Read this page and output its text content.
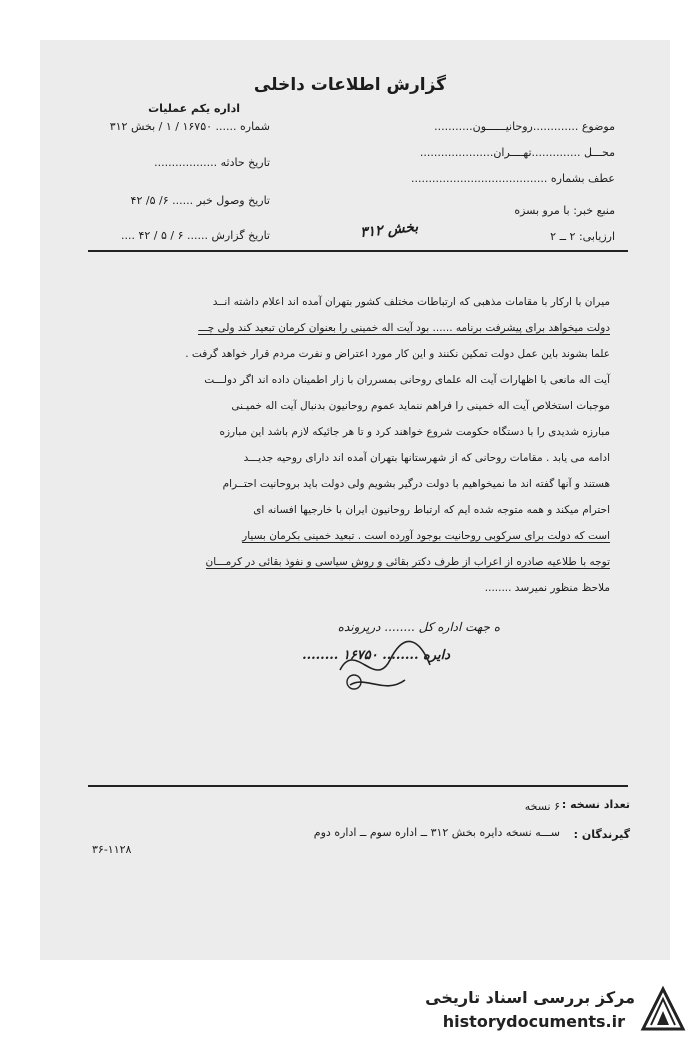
گزارش اطلاعات داخلی
اداره یکم عملیات
شماره ...... ۱۶۷۵۰ / ۱ / بخش ۳۱۲
تاریخ حادثه ..................
تاریخ وصول خبر ...... ۶/ ۵/ ۴۲
تاریخ گزارش ...... ۶ / ۵ / ۴۲ ....
موضوع .............روحانیــــــون...........
محـــل ..............تهــــران.....................
عطف بشماره .......................................
منبع خبر: با مرو بسزه
ارزیابی: ۲ ــ ۲
بخش ۳۱۲
میران با ارکار با مقامات مذهبی که ارتباطات مختلف کشور بتهران آمده اند اعلام داشته انــد
دولت میخواهد برای پیشرفت برنامه ...... بود آیت اله خمینی را بعنوان کرمان تبعید کند ولی چـــ
علما بشوند باین عمل دولت تمکین نکنند و این کار مورد اعتراض و نفرت مردم قرار خواهد گرفت .
آیت اله مانعی با اظهارات آیت اله علمای روحانی بمسرران با زار اطمینان داده اند اگر دولـــت
موجبات استخلاص آیت اله خمینی را فراهم ننماید عموم روحانیون بدنبال آیت اله خمیـنی
مبارزه شدیدی را با دستگاه حکومت شروع خواهند کرد و تا هر جائیکه لازم باشد این مبارزه
ادامه می یابد . مقامات روحانی که از شهرستانها بتهران آمده اند دارای روحیه جدیـــد
هستند و آنها گفته اند ما نمیخواهیم با دولت درگیر بشویم ولی دولت باید بروحانیت احتــرام
احترام میکند و همه متوجه شده ایم که ارتباط روحانیون ایران با خارجیها افسانه ای
است که دولت برای سرکوبی روحانیت بوجود آورده است . تبعید خمینی بکرمان بسیار
توجه با طلاعیه صادره از اعراب از طرف دکتر بقائی و روش سیاسی و نفوذ بقائی در کرمـــان
ملاحظ منظور نمیرسد ........
ه جهت اداره کل ........ درپرونده
دایره ........ ۱۶۷۵۰ ........
تعداد نسخه :
۶ نسخه
گیرندگان :
ســـه نسخه دایره بخش ۳۱۲ ــ اداره سوم ــ اداره دوم
۳۶-۱۱۲۸
مرکز بررسی اسناد تاریخی
historydocuments.ir
